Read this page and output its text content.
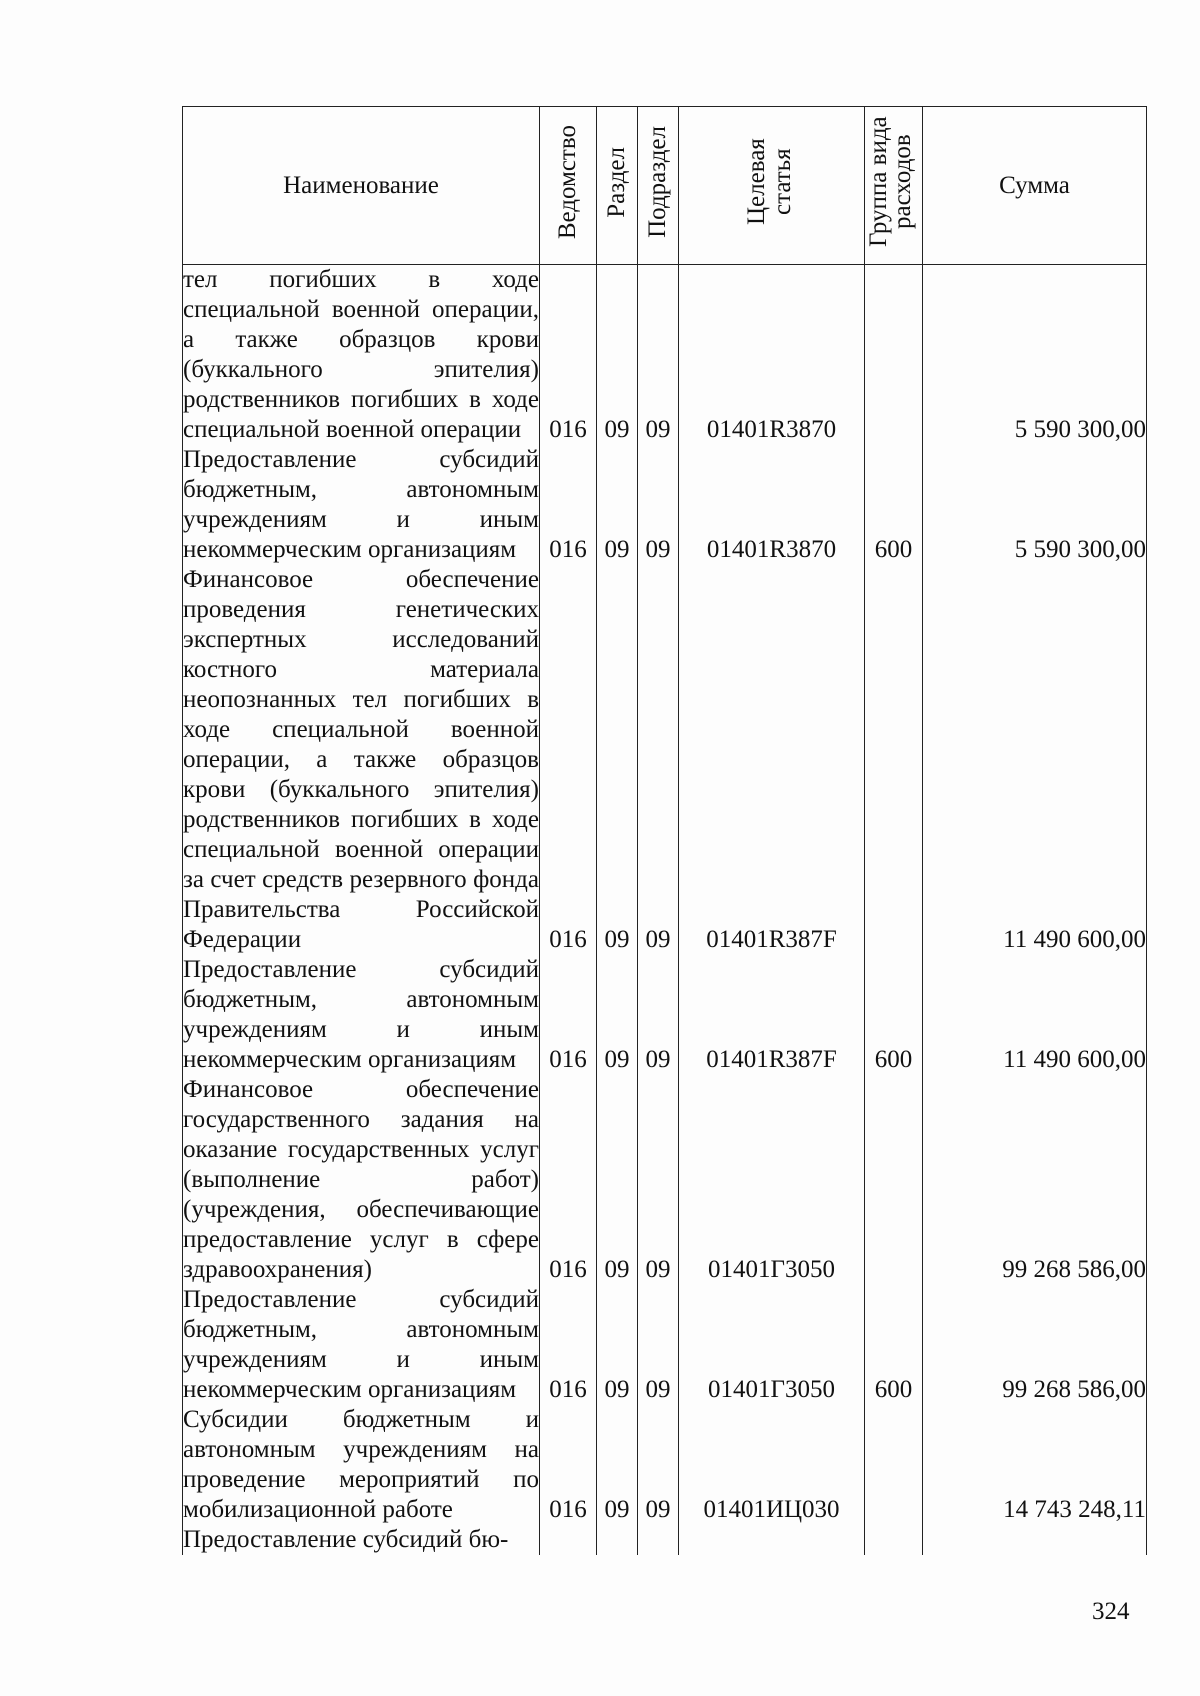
Наименование	Ведомство	Раздел	Подраздел	Целевая статья	Группа вида расходов	Сумма
тел погибших в ходе специальной военной операции, а также образцов крови (буккального эпителия) родственников погибших в ходе специальной военной операции	016	09	09	01401R3870		5 590 300,00
Предоставление субсидий бюджетным, автономным учреждениям и иным некоммерческим организациям	016	09	09	01401R3870	600	5 590 300,00
Финансовое обеспечение проведения генетических экспертных исследований костного материала неопознанных тел погибших в ходе специальной военной операции, а также образцов крови (буккального эпителия) родственников погибших в ходе специальной военной операции за счет средств резервного фонда Правительства Российской Федерации	016	09	09	01401R387F		11 490 600,00
Предоставление субсидий бюджетным, автономным учреждениям и иным некоммерческим организациям	016	09	09	01401R387F	600	11 490 600,00
Финансовое обеспечение государственного задания на оказание государственных услуг (выполнение работ) (учреждения, обеспечивающие предоставление услуг в сфере здравоохранения)	016	09	09	01401Г3050		99 268 586,00
Предоставление субсидий бюджетным, автономным учреждениям и иным некоммерческим организациям	016	09	09	01401Г3050	600	99 268 586,00
Субсидии бюджетным и автономным учреждениям на проведение мероприятий по мобилизационной работе	016	09	09	01401ИЦ030		14 743 248,11
Предоставление субсидий бю-						
324
